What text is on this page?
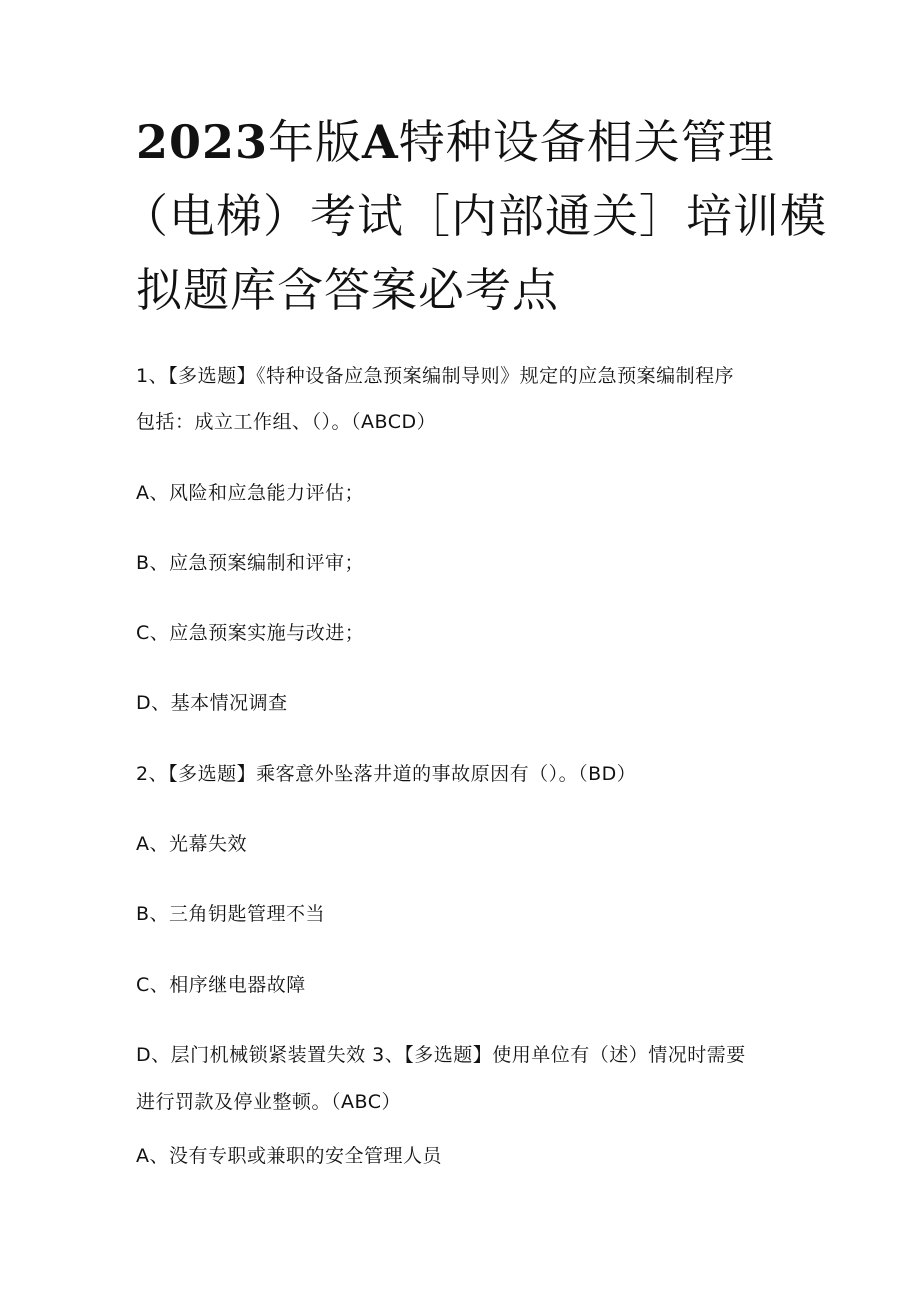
2023年版A特种设备相关管理
（电梯）考试［内部通关］培训模
拟题库含答案必考点
1、【多选题】《特种设备应急预案编制导则》规定的应急预案编制程序
包括：成立工作组、（）。（ABCD）
A、风险和应急能力评估；
B、应急预案编制和评审；
C、应急预案实施与改进；
D、基本情况调查
2、【多选题】乘客意外坠落井道的事故原因有（）。（BD）
A、光幕失效
B、三角钥匙管理不当
C、相序继电器故障
D、层门机械锁紧装置失效 3、【多选题】使用单位有（述）情况时需要
进行罚款及停业整顿。（ABC）
A、没有专职或兼职的安全管理人员
